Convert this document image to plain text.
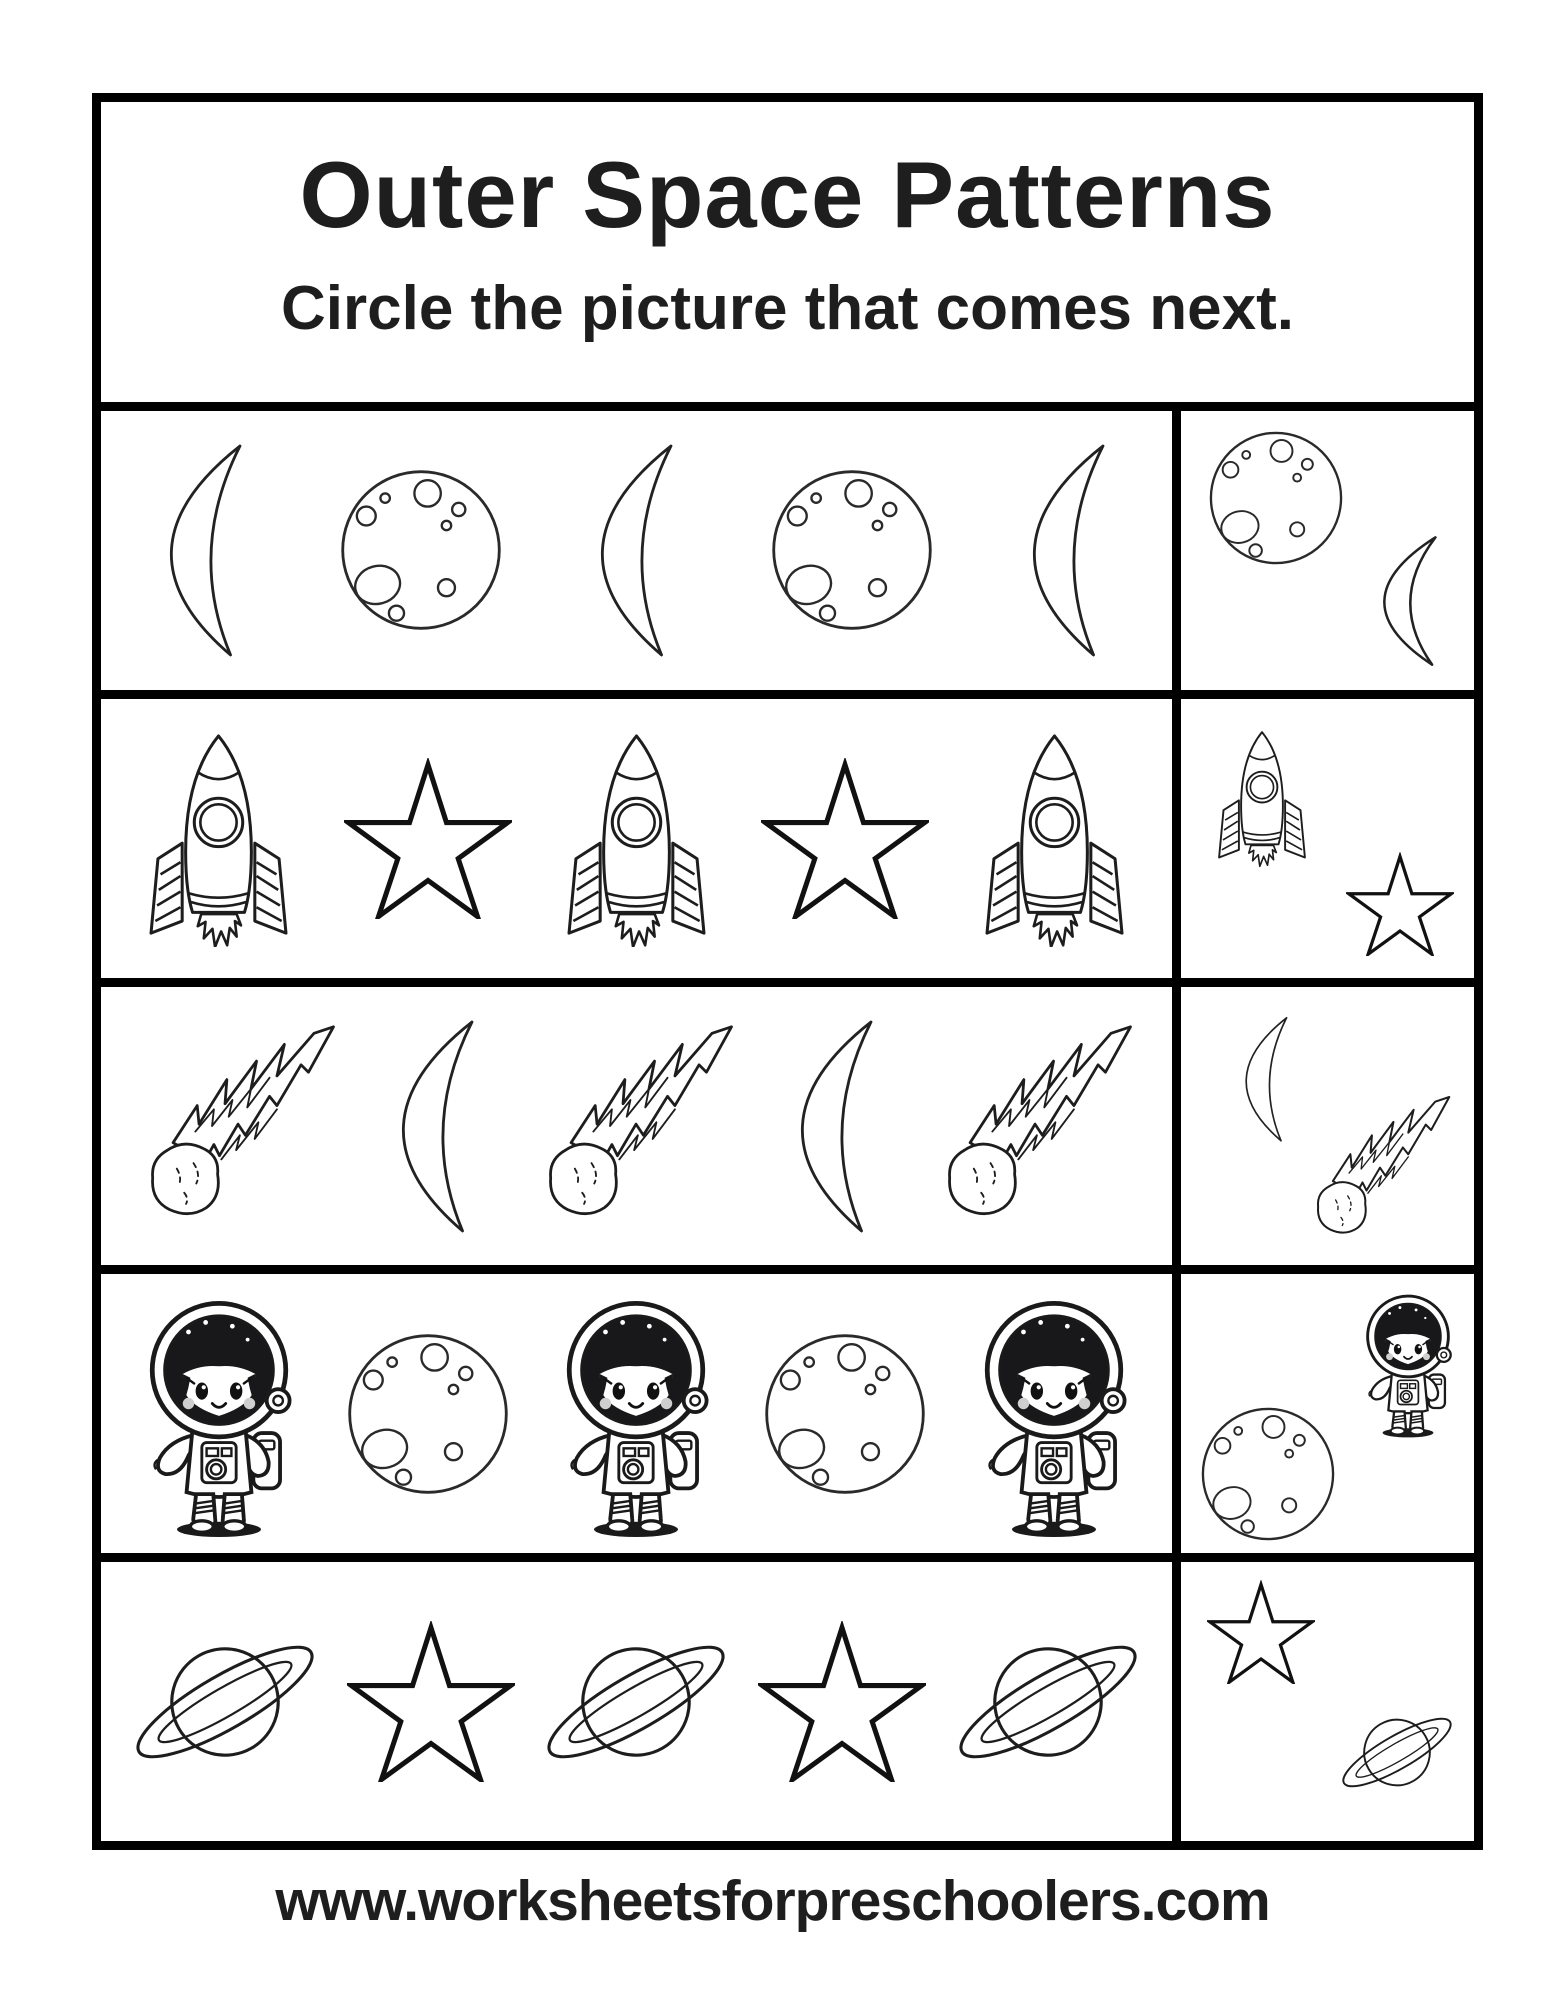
Outer Space Patterns

Circle the picture that comes next.

www.worksheetsforpreschoolers.com
